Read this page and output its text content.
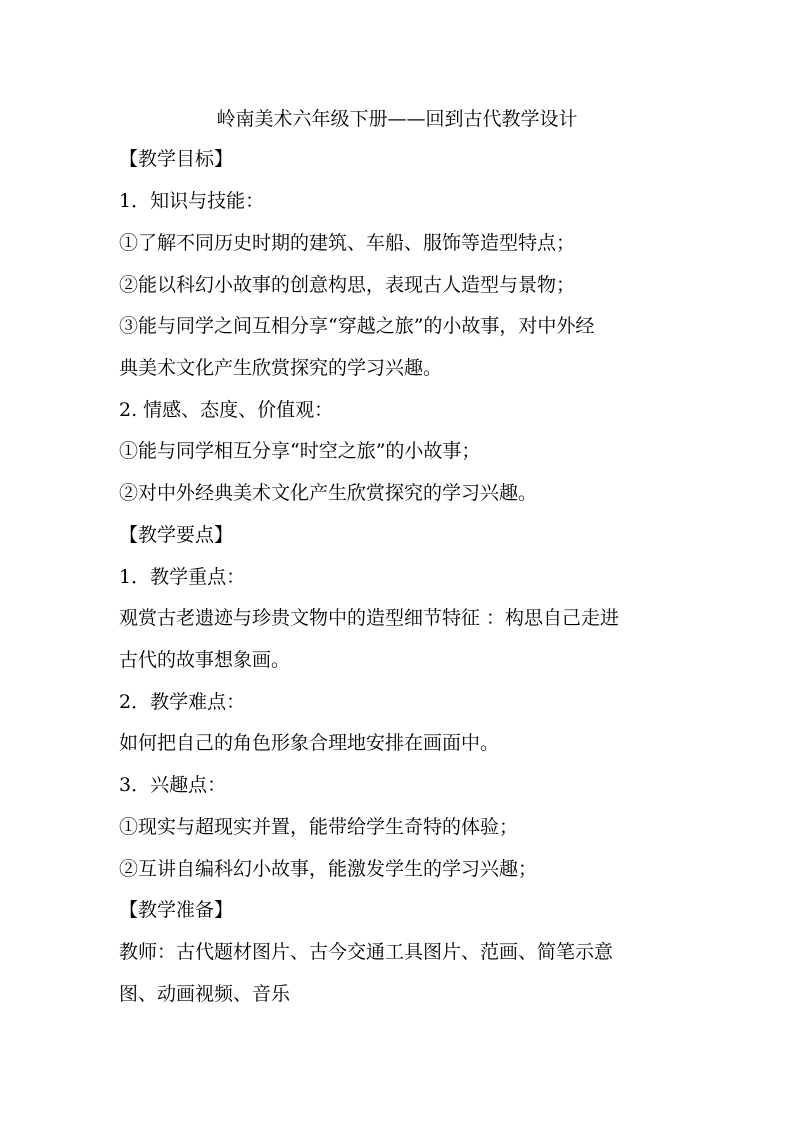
岭南美术六年级下册——回到古代教学设计
【教学目标】
1．知识与技能：
①了解不同历史时期的建筑、车船、服饰等造型特点；
②能以科幻小故事的创意构思，表现古人造型与景物；
③能与同学之间互相分享“穿越之旅”的小故事，对中外经
典美术文化产生欣赏探究的学习兴趣。
2. 情感、态度、价值观：
①能与同学相互分享“时空之旅”的小故事；
②对中外经典美术文化产生欣赏探究的学习兴趣。
【教学要点】
1．教学重点：
观赏古老遗迹与珍贵文物中的造型细节特征 ：构思自己走进
古代的故事想象画。
2．教学难点：
如何把自己的角色形象合理地安排在画面中。
3．兴趣点：
①现实与超现实并置，能带给学生奇特的体验；
②互讲自编科幻小故事，能激发学生的学习兴趣；
【教学准备】
教师：古代题材图片、古今交通工具图片、范画、简笔示意
图、动画视频、音乐
